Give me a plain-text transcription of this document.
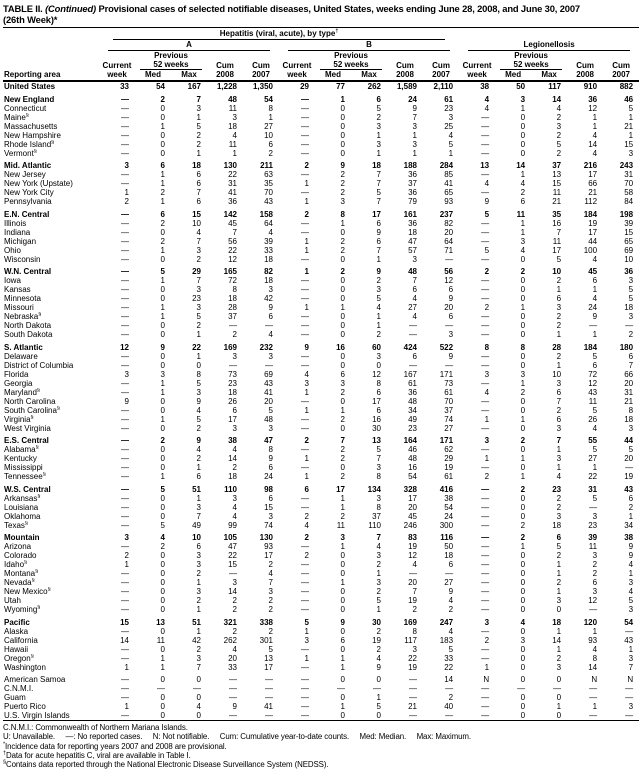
TABLE II. (Continued) Provisional cases of selected notifiable diseases, United States, weeks ending June 28, 2008, and June 30, 2007
(26th Week)*
Reporting area	Hepatitis (viral, acute), by type†

	A					B					Legionellosis				

	Current week	Previous
52 weeks		Cum 2008	Cum 2007	Current week	Previous
52 weeks		Cum 2008	Cum 2007	Current week	Previous
52 weeks		Cum 2008	Cum 2007
		Med	Max				Med	Max				Med	Max		
United States	33	54	167	1,228	1,350	29	77	262	1,589	2,110	38	50	117	910	882

New England	—	2	7	48	54	—	1	6	24	61	4	3	14	36	46
Connecticut	—	0	3	11	8	—	0	5	9	23	4	1	4	12	5
Maine§	—	0	1	3	1	—	0	2	7	3	—	0	2	1	1
Massachusetts	—	1	5	18	27	—	0	3	3	25	—	0	3	1	21
New Hampshire	—	0	2	4	10	—	0	1	1	4	—	0	2	4	1
Rhode Island§	—	0	2	11	6	—	0	3	3	5	—	0	5	14	15
Vermont§	—	0	1	1	2	—	0	1	1	1	—	0	2	4	3

Mid. Atlantic	3	6	18	130	211	2	9	18	188	284	13	14	37	216	243
New Jersey	—	1	6	22	63	—	2	7	36	85	—	1	13	17	31
New York (Upstate)	—	1	6	31	35	1	2	7	37	41	4	4	15	66	70
New York City	1	2	7	41	70	—	2	5	36	65	—	2	11	21	58
Pennsylvania	2	1	6	36	43	1	3	7	79	93	9	6	21	112	84

E.N. Central	—	6	15	142	158	2	8	17	161	237	5	11	35	184	198
Illinois	—	2	10	45	64	—	1	6	36	82	—	1	16	19	39
Indiana	—	0	4	7	4	—	0	9	18	20	—	1	7	17	15
Michigan	—	2	7	56	39	1	2	6	47	64	—	3	11	44	65
Ohio	—	1	3	22	33	1	2	7	57	71	5	4	17	100	69
Wisconsin	—	0	2	12	18	—	0	1	3	—	—	0	5	4	10

W.N. Central	—	5	29	165	82	1	2	9	48	56	2	2	10	45	36
Iowa	—	1	7	72	18	—	0	2	7	12	—	0	2	6	3
Kansas	—	0	3	8	3	—	0	3	6	6	—	0	1	1	5
Minnesota	—	0	23	18	42	—	0	5	4	9	—	0	6	4	5
Missouri	—	1	3	28	9	1	1	4	27	20	2	1	3	24	18
Nebraska§	—	1	5	37	6	—	0	1	4	6	—	0	2	9	3
North Dakota	—	0	2	—	—	—	0	1	—	—	—	0	2	—	—
South Dakota	—	0	1	2	4	—	0	2	—	3	—	0	1	1	2

S. Atlantic	12	9	22	169	232	9	16	60	424	522	8	8	28	184	180
Delaware	—	0	1	3	3	—	0	3	6	9	—	0	2	5	6
District of Columbia	—	0	0	—	—	—	0	0	—	—	—	0	1	6	7
Florida	3	3	8	73	69	4	6	12	167	171	3	3	10	72	66
Georgia	—	1	5	23	43	3	3	8	61	73	—	1	3	12	20
Maryland§	—	1	3	18	41	1	2	6	36	61	4	2	6	43	31
North Carolina	9	0	9	26	20	—	0	17	48	70	—	0	7	11	21
South Carolina§	—	0	4	6	5	1	1	6	34	37	—	0	2	5	8
Virginia§	—	1	5	17	48	—	2	16	49	74	1	1	6	26	18
West Virginia	—	0	2	3	3	—	0	30	23	27	—	0	3	4	3

E.S. Central	—	2	9	38	47	2	7	13	164	171	3	2	7	55	44
Alabama§	—	0	4	4	8	—	2	5	46	62	—	0	1	5	5
Kentucky	—	0	2	14	9	1	2	7	48	29	1	1	3	27	20
Mississippi	—	0	1	2	6	—	0	3	16	19	—	0	1	1	—
Tennessee§	—	1	6	18	24	1	2	8	54	61	2	1	4	22	19

W.S. Central	—	5	51	110	98	6	17	134	328	416	—	2	23	31	43
Arkansas§	—	0	1	3	6	—	1	3	17	38	—	0	2	5	6
Louisiana	—	0	3	4	15	—	1	8	20	54	—	0	2	—	2
Oklahoma	—	0	7	4	3	2	2	37	45	24	—	0	3	3	1
Texas§	—	5	49	99	74	4	11	110	246	300	—	2	18	23	34

Mountain	3	4	10	105	130	2	3	7	83	116	—	2	6	39	38
Arizona	—	2	6	47	93	—	1	4	19	50	—	1	5	11	9
Colorado	2	0	3	22	17	2	0	3	12	18	—	0	2	3	9
Idaho§	1	0	3	15	2	—	0	2	4	6	—	0	1	2	4
Montana§	—	0	2	—	4	—	0	1	—	—	—	0	1	2	1
Nevada§	—	0	1	3	7	—	1	3	20	27	—	0	2	6	3
New Mexico§	—	0	3	14	3	—	0	2	7	9	—	0	1	3	4
Utah	—	0	2	2	2	—	0	5	19	4	—	0	3	12	5
Wyoming§	—	0	1	2	2	—	0	1	2	2	—	0	0	—	3

Pacific	15	13	51	321	338	5	9	30	169	247	3	4	18	120	54
Alaska	—	0	1	2	2	1	0	2	8	4	—	0	1	1	—
California	14	11	42	262	301	3	6	19	117	183	2	3	14	93	43
Hawaii	—	0	2	4	5	—	0	2	3	5	—	0	1	4	1
Oregon§	—	1	3	20	13	1	1	4	22	33	—	0	2	8	3
Washington	1	1	7	33	17	—	1	9	19	22	1	0	3	14	7

American Samoa	—	0	0	—	—	—	0	0	—	14	N	0	0	N	N
C.N.M.I.	—	—	—	—	—	—	—	—	—	—	—	—	—	—	—
Guam	—	0	0	—	—	—	0	1	—	2	—	0	0	—	—
Puerto Rico	1	0	4	9	41	—	1	5	21	40	—	0	1	1	3
U.S. Virgin Islands	—	0	0	—	—	—	0	0	—	—	—	0	0	—	—
C.N.M.I.: Commonwealth of Northern Mariana Islands.
U: Unavailable.     —: No reported cases.     N: Not notifiable.     Cum: Cumulative year-to-date counts.     Med: Median.     Max: Maximum.
*Incidence data for reporting years 2007 and 2008 are provisional.
†Data for acute hepatitis C, viral are available in Table I.
§Contains data reported through the National Electronic Disease Surveillance System (NEDSS).
